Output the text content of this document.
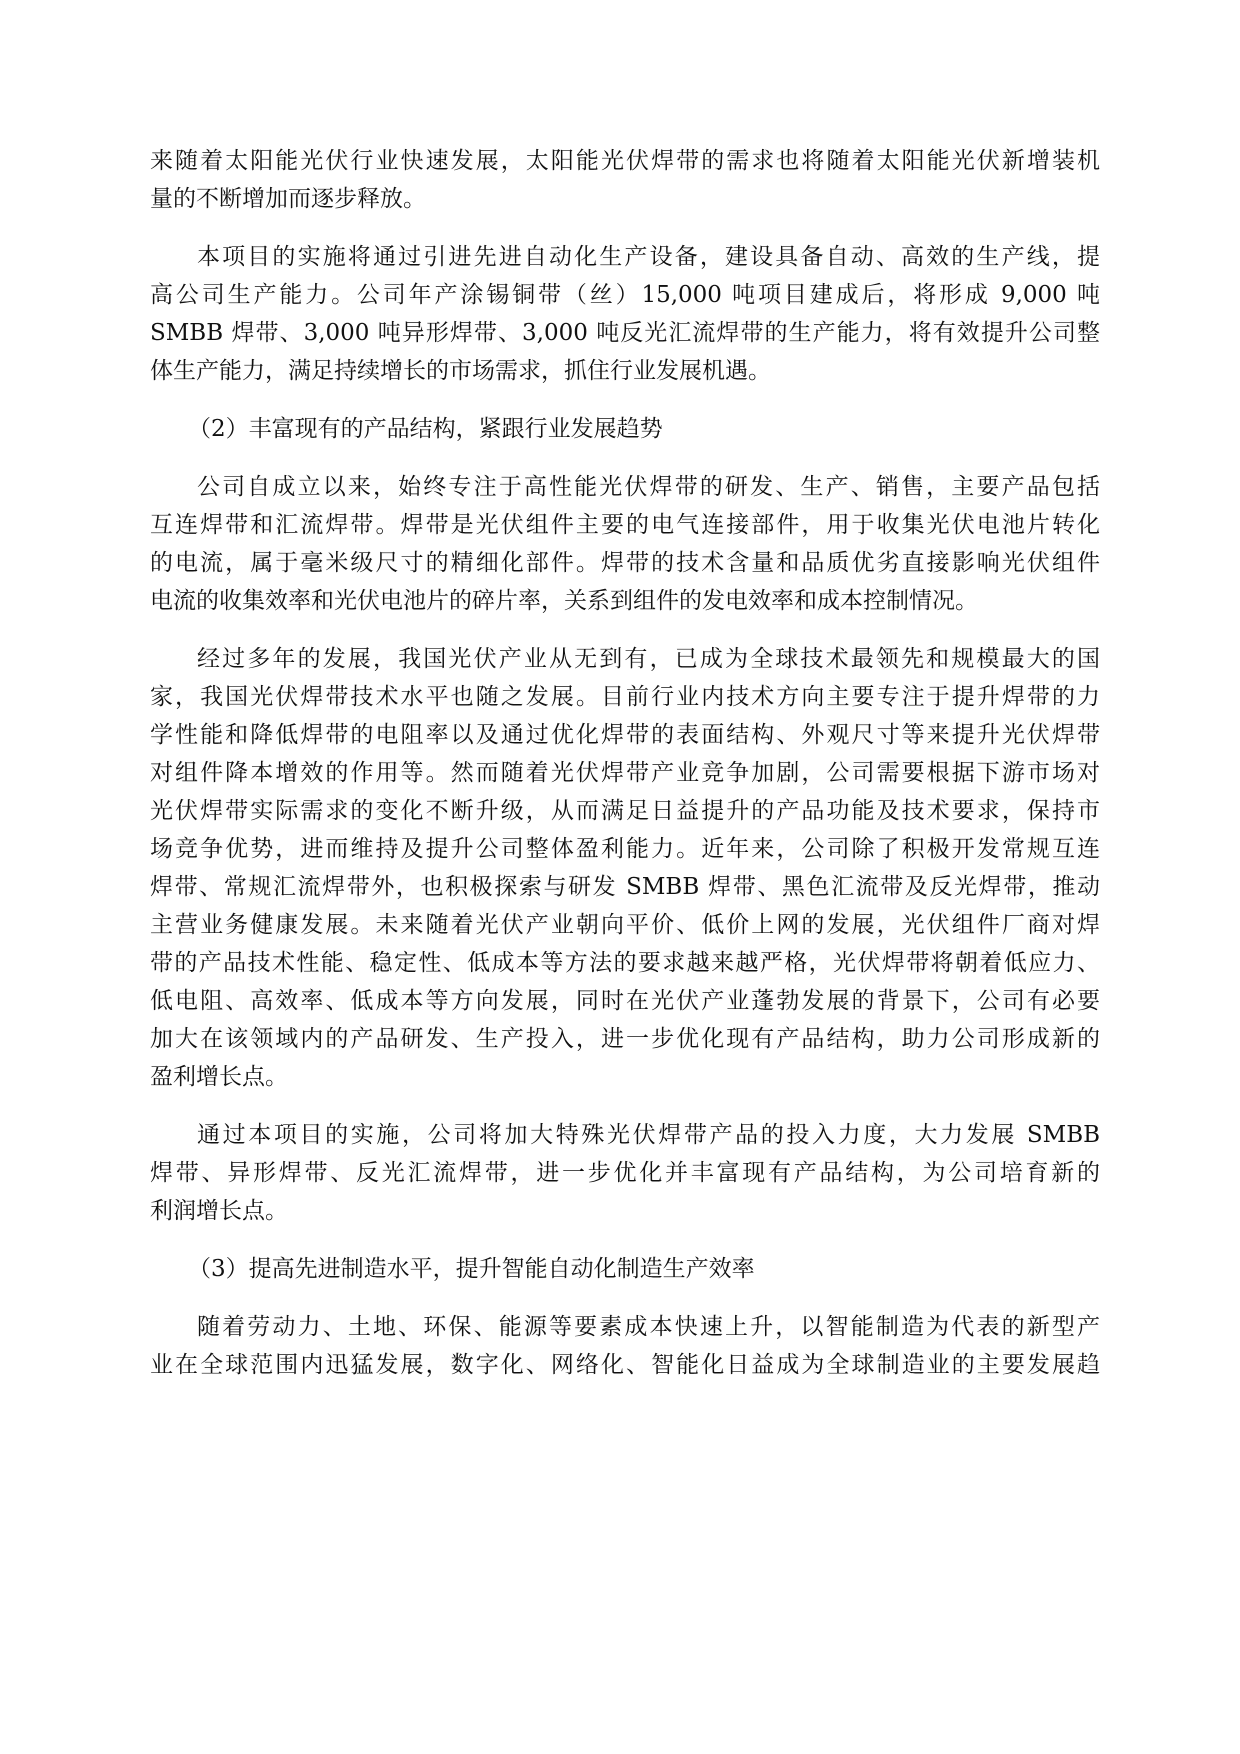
来随着太阳能光伏行业快速发展，太阳能光伏焊带的需求也将随着太阳能光伏新增装机
量的不断增加而逐步释放。
本项目的实施将通过引进先进自动化生产设备，建设具备自动、高效的生产线，提
高公司生产能力。公司年产涂锡铜带（丝）15,000 吨项目建成后，将形成 9,000 吨
SMBB 焊带、3,000 吨异形焊带、3,000 吨反光汇流焊带的生产能力，将有效提升公司整
体生产能力，满足持续增长的市场需求，抓住行业发展机遇。
（2）丰富现有的产品结构，紧跟行业发展趋势
公司自成立以来，始终专注于高性能光伏焊带的研发、生产、销售，主要产品包括
互连焊带和汇流焊带。焊带是光伏组件主要的电气连接部件，用于收集光伏电池片转化
的电流，属于毫米级尺寸的精细化部件。焊带的技术含量和品质优劣直接影响光伏组件
电流的收集效率和光伏电池片的碎片率，关系到组件的发电效率和成本控制情况。
经过多年的发展，我国光伏产业从无到有，已成为全球技术最领先和规模最大的国
家，我国光伏焊带技术水平也随之发展。目前行业内技术方向主要专注于提升焊带的力
学性能和降低焊带的电阻率以及通过优化焊带的表面结构、外观尺寸等来提升光伏焊带
对组件降本增效的作用等。然而随着光伏焊带产业竞争加剧，公司需要根据下游市场对
光伏焊带实际需求的变化不断升级，从而满足日益提升的产品功能及技术要求，保持市
场竞争优势，进而维持及提升公司整体盈利能力。近年来，公司除了积极开发常规互连
焊带、常规汇流焊带外，也积极探索与研发 SMBB 焊带、黑色汇流带及反光焊带，推动
主营业务健康发展。未来随着光伏产业朝向平价、低价上网的发展，光伏组件厂商对焊
带的产品技术性能、稳定性、低成本等方法的要求越来越严格，光伏焊带将朝着低应力、
低电阻、高效率、低成本等方向发展，同时在光伏产业蓬勃发展的背景下，公司有必要
加大在该领域内的产品研发、生产投入，进一步优化现有产品结构，助力公司形成新的
盈利增长点。
通过本项目的实施，公司将加大特殊光伏焊带产品的投入力度，大力发展 SMBB
焊带、异形焊带、反光汇流焊带，进一步优化并丰富现有产品结构，为公司培育新的
利润增长点。
（3）提高先进制造水平，提升智能自动化制造生产效率
随着劳动力、土地、环保、能源等要素成本快速上升，以智能制造为代表的新型产
业在全球范围内迅猛发展，数字化、网络化、智能化日益成为全球制造业的主要发展趋
